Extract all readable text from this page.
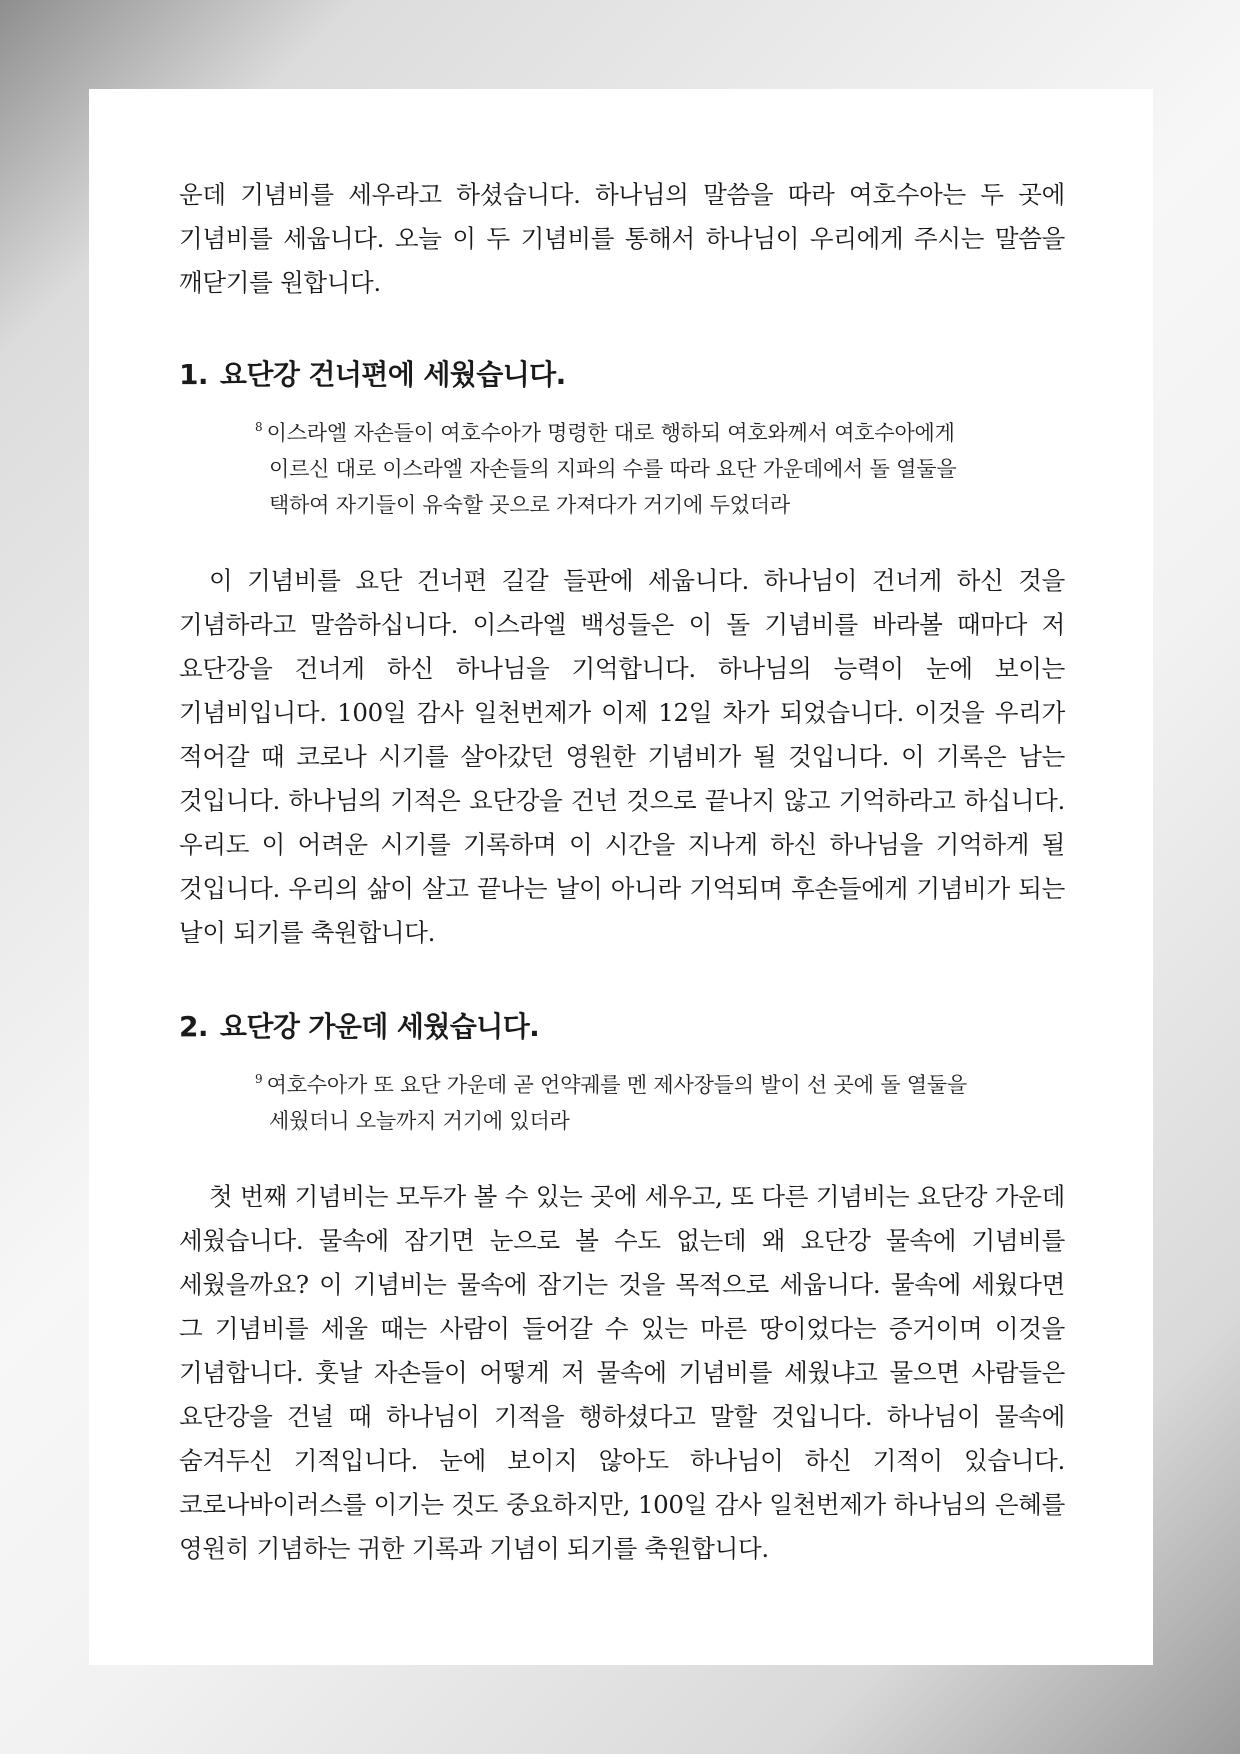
운데 기념비를 세우라고 하셨습니다. 하나님의 말씀을 따라 여호수아는 두 곳에 기념비를 세웁니다. 오늘 이 두 기념비를 통해서 하나님이 우리에게 주시는 말씀을 깨닫기를 원합니다.

1. 요단강 건너편에 세웠습니다.

$^8$ 이스라엘 자손들이 여호수아가 명령한 대로 행하되 여호와께서 여호수아에게 이르신 대로 이스라엘 자손들의 지파의 수를 따라 요단 가운데에서 돌 열둘을 택하여 자기들이 유숙할 곳으로 가져다가 거기에 두었더라

이 기념비를 요단 건너편 길갈 들판에 세웁니다. 하나님이 건너게 하신 것을 기념하라고 말씀하십니다. 이스라엘 백성들은 이 돌 기념비를 바라볼 때마다 저 요단강을 건너게 하신 하나님을 기억합니다. 하나님의 능력이 눈에 보이는 기념비입니다. 100일 감사 일천번제가 이제 12일 차가 되었습니다. 이것을 우리가 적어갈 때 코로나 시기를 살아갔던 영원한 기념비가 될 것입니다. 이 기록은 남는 것입니다. 하나님의 기적은 요단강을 건넌 것으로 끝나지 않고 기억하라고 하십니다. 우리도 이 어려운 시기를 기록하며 이 시간을 지나게 하신 하나님을 기억하게 될 것입니다. 우리의 삶이 살고 끝나는 날이 아니라 기억되며 후손들에게 기념비가 되는 날이 되기를 축원합니다.

2. 요단강 가운데 세웠습니다.

$^9$ 여호수아가 또 요단 가운데 곧 언약궤를 멘 제사장들의 발이 선 곳에 돌 열둘을 세웠더니 오늘까지 거기에 있더라

첫 번째 기념비는 모두가 볼 수 있는 곳에 세우고, 또 다른 기념비는 요단강 가운데 세웠습니다. 물속에 잠기면 눈으로 볼 수도 없는데 왜 요단강 물속에 기념비를 세웠을까요? 이 기념비는 물속에 잠기는 것을 목적으로 세웁니다. 물속에 세웠다면 그 기념비를 세울 때는 사람이 들어갈 수 있는 마른 땅이었다는 증거이며 이것을 기념합니다. 훗날 자손들이 어떻게 저 물속에 기념비를 세웠냐고 물으면 사람들은 요단강을 건널 때 하나님이 기적을 행하셨다고 말할 것입니다. 하나님이 물속에 숨겨두신 기적입니다. 눈에 보이지 않아도 하나님이 하신 기적이 있습니다. 코로나바이러스를 이기는 것도 중요하지만, 100일 감사 일천번제가 하나님의 은혜를 영원히 기념하는 귀한 기록과 기념이 되기를 축원합니다.
